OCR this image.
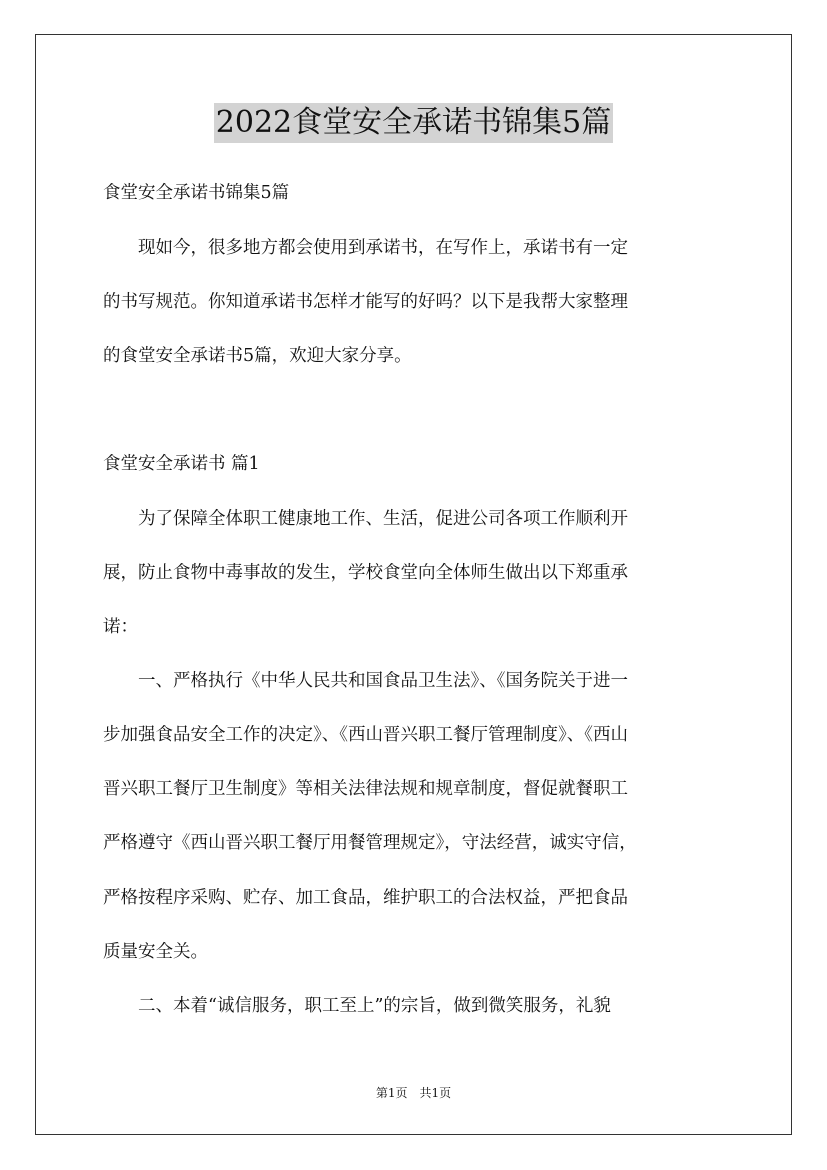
2022食堂安全承诺书锦集5篇
食堂安全承诺书锦集5篇
　　现如今，很多地方都会使用到承诺书，在写作上，承诺书有一定
的书写规范。你知道承诺书怎样才能写的好吗？以下是我帮大家整理
的食堂安全承诺书5篇，欢迎大家分享。
食堂安全承诺书 篇1
　　为了保障全体职工健康地工作、生活，促进公司各项工作顺利开
展，防止食物中毒事故的发生，学校食堂向全体师生做出以下郑重承
诺：
　　一、严格执行《中华人民共和国食品卫生法》、《国务院关于进一
步加强食品安全工作的决定》、《西山晋兴职工餐厅管理制度》、《西山
晋兴职工餐厅卫生制度》等相关法律法规和规章制度，督促就餐职工
严格遵守《西山晋兴职工餐厅用餐管理规定》，守法经营，诚实守信，
严格按程序采购、贮存、加工食品，维护职工的合法权益，严把食品
质量安全关。
　　二、本着“诚信服务，职工至上”的宗旨，做到微笑服务，礼貌
第1页　共1页
